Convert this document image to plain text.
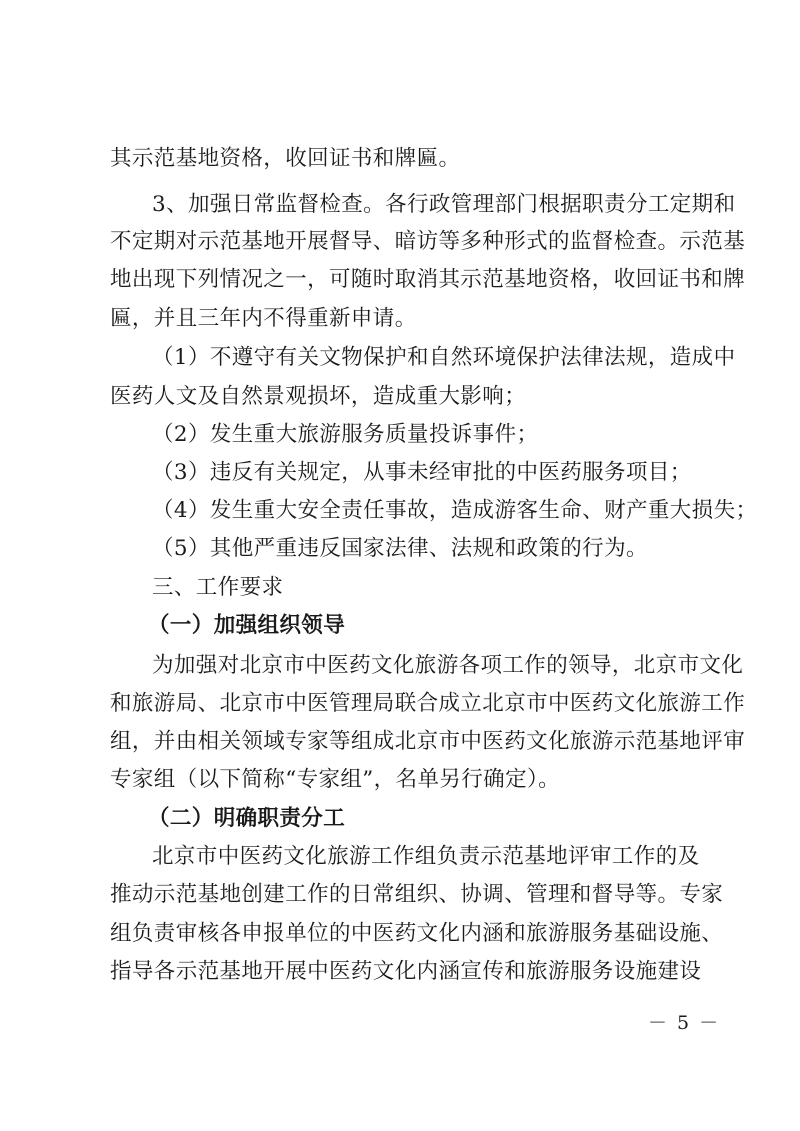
其示范基地资格，收回证书和牌匾。
3、加强日常监督检查。各行政管理部门根据职责分工定期和
不定期对示范基地开展督导、暗访等多种形式的监督检查。示范基
地出现下列情况之一，可随时取消其示范基地资格，收回证书和牌
匾，并且三年内不得重新申请。
（1）不遵守有关文物保护和自然环境保护法律法规，造成中
医药人文及自然景观损坏，造成重大影响；
（2）发生重大旅游服务质量投诉事件；
（3）违反有关规定，从事未经审批的中医药服务项目；
（4）发生重大安全责任事故，造成游客生命、财产重大损失；
（5）其他严重违反国家法律、法规和政策的行为。
三、工作要求
（一）加强组织领导
为加强对北京市中医药文化旅游各项工作的领导，北京市文化
和旅游局、北京市中医管理局联合成立北京市中医药文化旅游工作
组，并由相关领域专家等组成北京市中医药文化旅游示范基地评审
专家组（以下简称“专家组”，名单另行确定）。
（二）明确职责分工
北京市中医药文化旅游工作组负责示范基地评审工作的及
推动示范基地创建工作的日常组织、协调、管理和督导等。专家
组负责审核各申报单位的中医药文化内涵和旅游服务基础设施、
指导各示范基地开展中医药文化内涵宣传和旅游服务设施建设
－ 5 －
